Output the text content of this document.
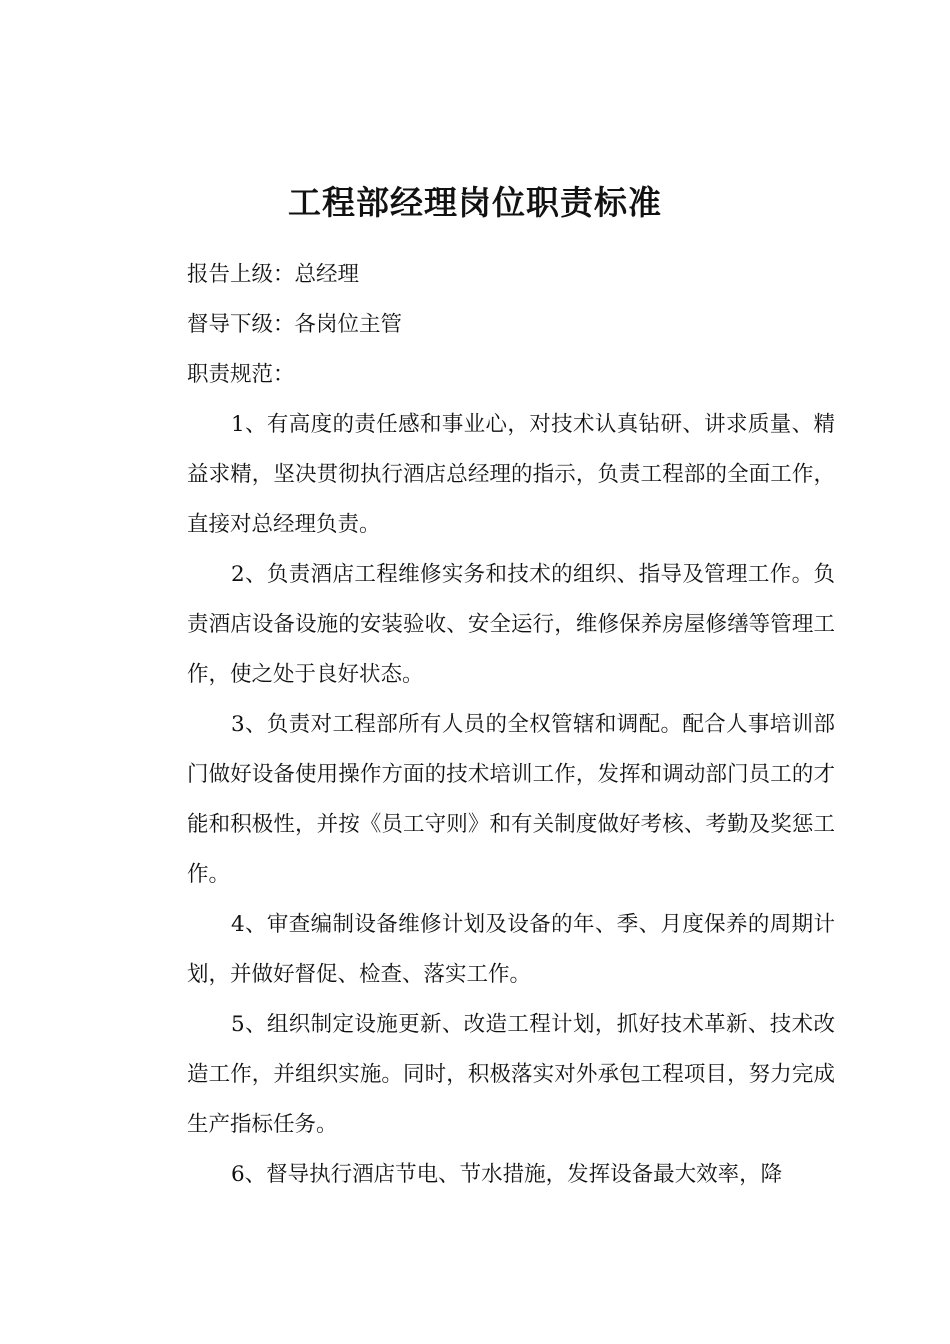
工程部经理岗位职责标准

报告上级：总经理

督导下级：各岗位主管

职责规范：

1、有高度的责任感和事业心，对技术认真钻研、讲求质量、精益求精，坚决贯彻执行酒店总经理的指示，负责工程部的全面工作，直接对总经理负责。

2、负责酒店工程维修实务和技术的组织、指导及管理工作。负责酒店设备设施的安装验收、安全运行，维修保养房屋修缮等管理工作，使之处于良好状态。

3、负责对工程部所有人员的全权管辖和调配。配合人事培训部门做好设备使用操作方面的技术培训工作，发挥和调动部门员工的才能和积极性，并按《员工守则》和有关制度做好考核、考勤及奖惩工作。

4、审查编制设备维修计划及设备的年、季、月度保养的周期计划，并做好督促、检查、落实工作。

5、组织制定设施更新、改造工程计划，抓好技术革新、技术改造工作，并组织实施。同时，积极落实对外承包工程项目，努力完成生产指标任务。

6、督导执行酒店节电、节水措施，发挥设备最大效率，降
